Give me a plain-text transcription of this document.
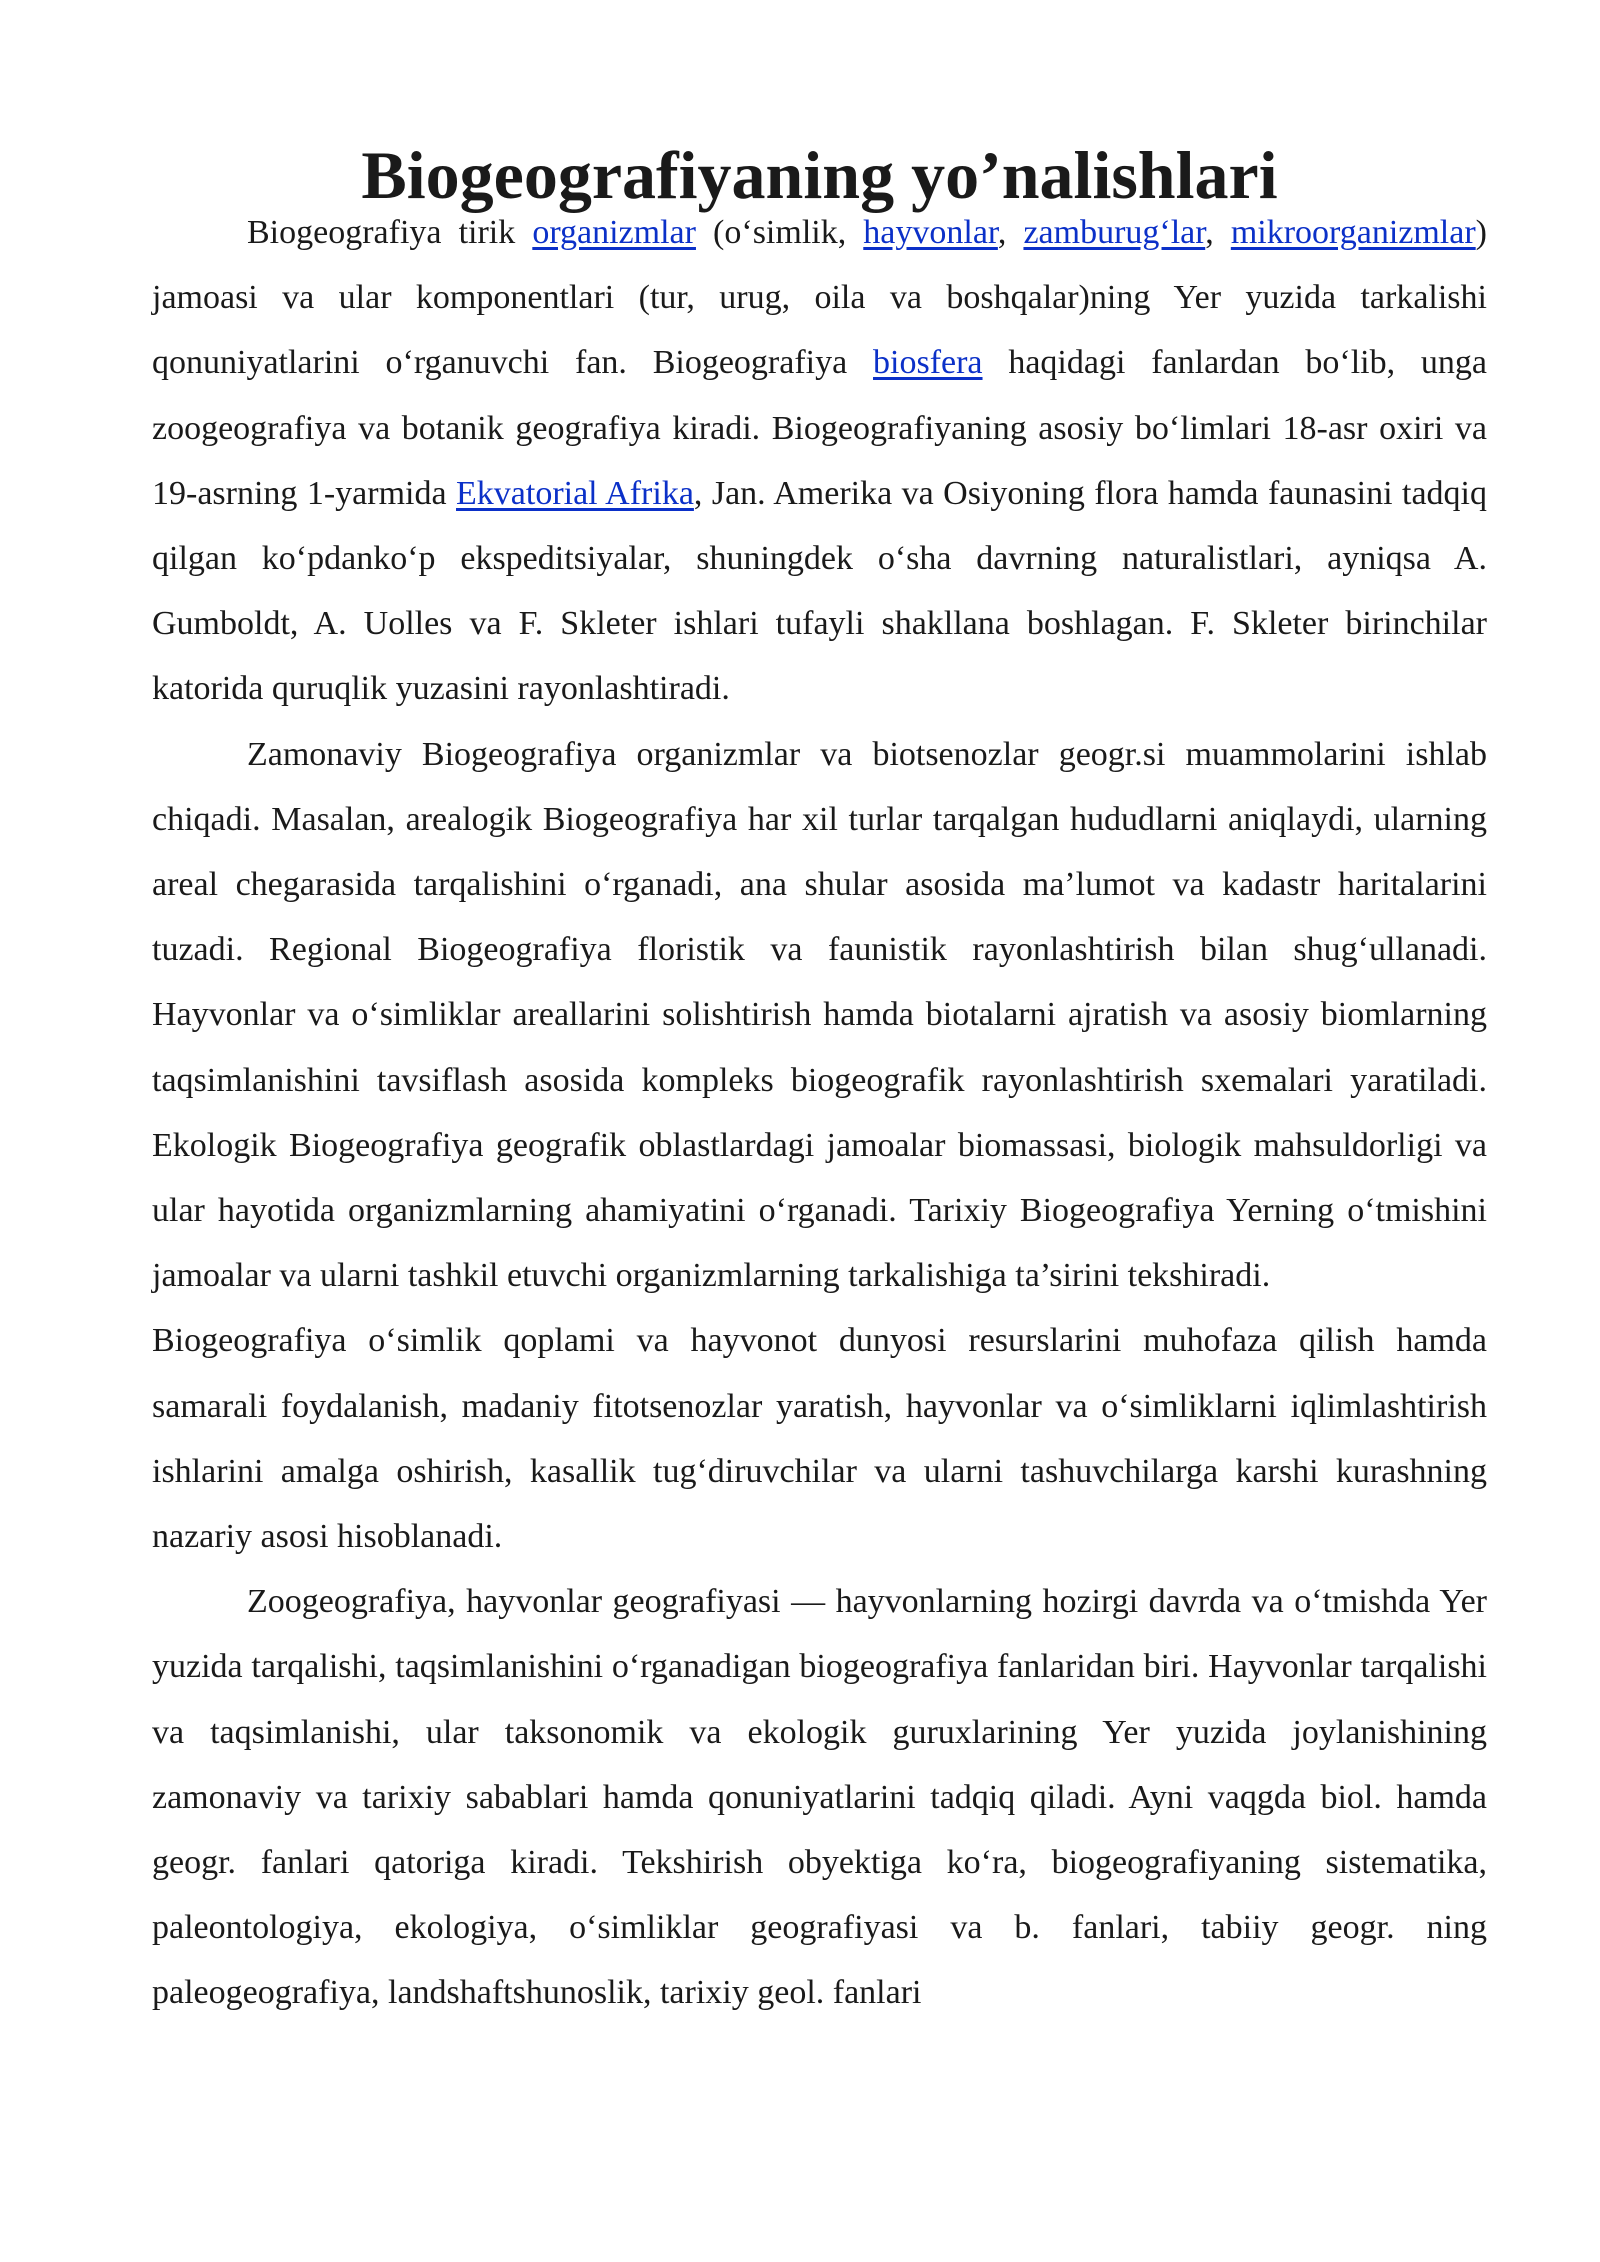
Biogeografiyaning yo’nalishlari

Biogeografiya tirik organizmlar (o‘simlik, hayvonlar, zamburug‘lar, mikroorganizmlar) jamoasi va ular komponentlari (tur, urug, oila va boshqalar)ning Yer yuzida tarkalishi qonuniyatlarini o‘rganuvchi fan. Biogeografiya biosfera haqidagi fanlardan bo‘lib, unga zoogeografiya va botanik geografiya kiradi. Biogeografiyaning asosiy bo‘limlari 18-asr oxiri va 19-asrning 1-yarmida Ekvatorial Afrika, Jan. Amerika va Osiyoning flora hamda faunasini tadqiq qilgan ko‘pdanko‘p ekspeditsiyalar, shuningdek o‘sha davrning naturalistlari, ayniqsa A. Gumboldt, A. Uolles va F. Skleter ishlari tufayli shakllana boshlagan. F. Skleter birinchilar katorida quruqlik yuzasini rayonlashtiradi.

Zamonaviy Biogeografiya organizmlar va biotsenozlar geogr.si muammolarini ishlab chiqadi. Masalan, arealogik Biogeografiya har xil turlar tarqalgan hududlarni aniqlaydi, ularning areal chegarasida tarqalishini o‘rganadi, ana shular asosida ma’lumot va kadastr haritalarini tuzadi. Regional Biogeografiya floristik va faunistik rayonlashtirish bilan shug‘ullanadi. Hayvonlar va o‘simliklar areallarini solishtirish hamda biotalarni ajratish va asosiy biomlarning taqsimlanishini tavsiflash asosida kompleks biogeografik rayonlashtirish sxemalari yaratiladi. Ekologik Biogeografiya geografik oblastlardagi jamoalar biomassasi, biologik mahsuldorligi va ular hayotida organizmlarning ahamiyatini o‘rganadi. Tarixiy Biogeografiya Yerning o‘tmishini jamoalar va ularni tashkil etuvchi organizmlarning tarkalishiga ta’sirini tekshiradi.

Biogeografiya o‘simlik qoplami va hayvonot dunyosi resurslarini muhofaza qilish hamda samarali foydalanish, madaniy fitotsenozlar yaratish, hayvonlar va o‘simliklarni iqlimlashtirish ishlarini amalga oshirish, kasallik tug‘diruvchilar va ularni tashuvchilarga karshi kurashning nazariy asosi hisoblanadi.

Zoogeografiya, hayvonlar geografiyasi — hayvonlarning hozirgi davrda va o‘tmishda Yer yuzida tarqalishi, taqsimlanishini o‘rganadigan biogeografiya fanlaridan biri. Hayvonlar tarqalishi va taqsimlanishi, ular taksonomik va ekologik guruxlarining Yer yuzida joylanishining zamonaviy va tarixiy sabablari hamda qonuniyatlarini tadqiq qiladi. Ayni vaqgda biol. hamda geogr. fanlari qatoriga kiradi. Tekshirish obyektiga ko‘ra, biogeografiyaning sistematika, paleontologiya, ekologiya, o‘simliklar geografiyasi va b. fanlari, tabiiy geogr. ning paleogeografiya, landshaftshunoslik, tarixiy geol. fanlari
